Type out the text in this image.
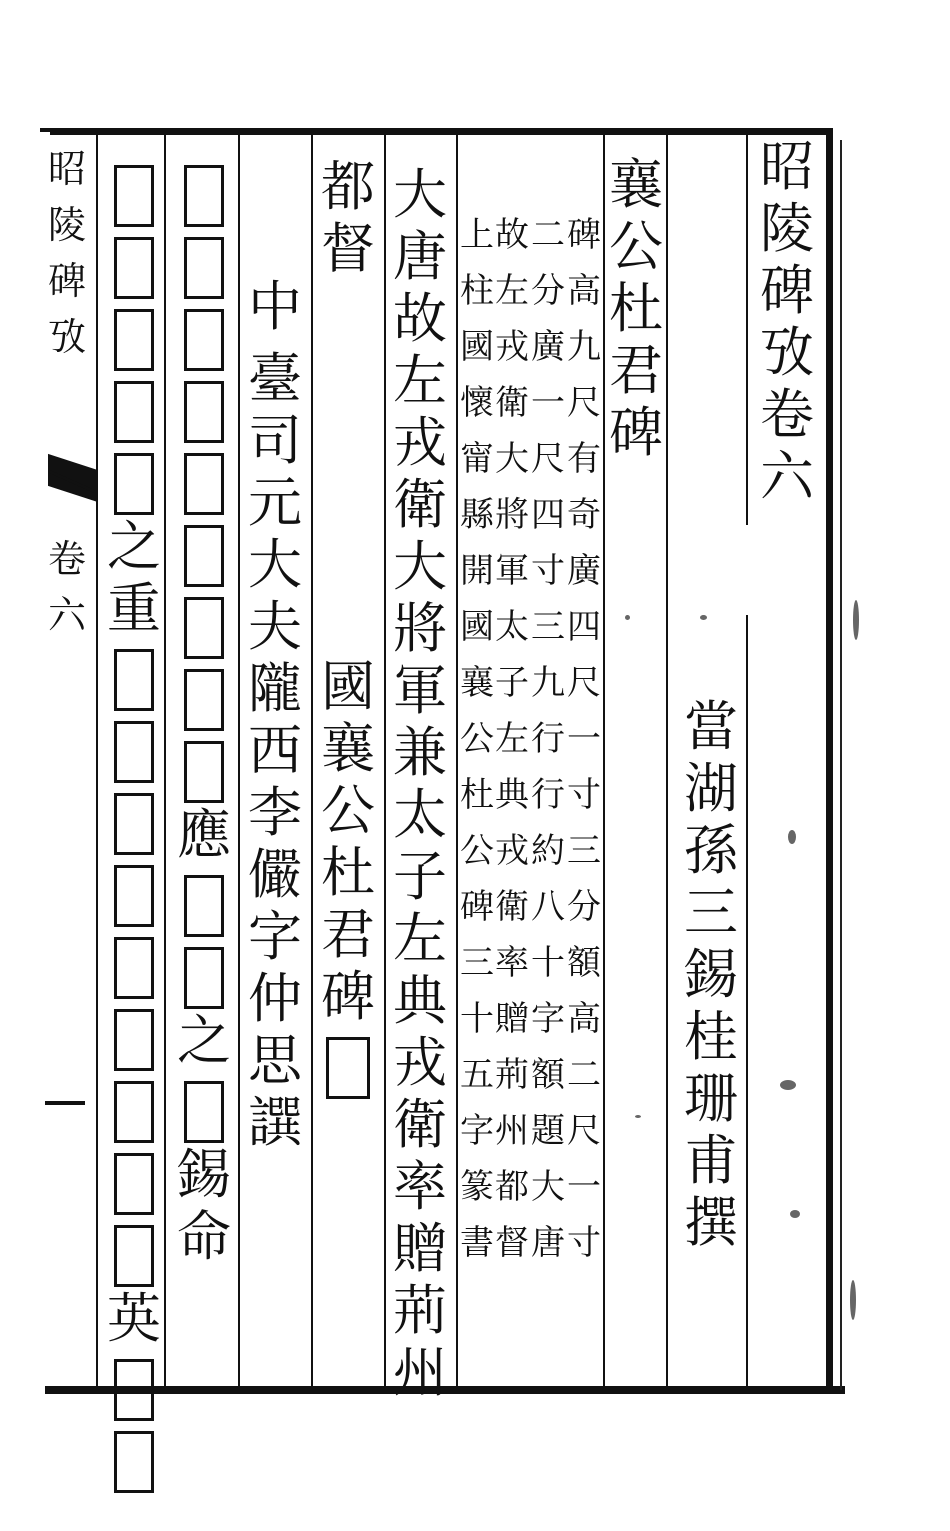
昭
陵
碑
攷
卷
六
當
湖
孫
三
錫
桂
珊
甫
撰
襄
公
杜
君
碑
碑
高
九
尺
有
奇
廣
四
尺
一
寸
三
分
額
高
二
尺
一
寸
二
分
廣
一
尺
四
寸
三
九
行
行
約
八
十
字
額
題
大
唐
故
左
戎
衛
大
將
軍
太
子
左
典
戎
衛
率
贈
荊
州
都
督
上
柱
國
懷
甯
縣
開
國
襄
公
杜
公
碑
三
十
五
字
篆
書
大
唐
故
左
戎
衛
大
將
軍
兼
太
子
左
典
戎
衛
率
贈
荊
州
都
督
國
襄
公
杜
君
碑
中
臺
司
元
大
夫
隴
西
李
儼
字
仲
思
譔
應
之
錫
命
之
重
英
昭
陵
碑
攷
卷
六
